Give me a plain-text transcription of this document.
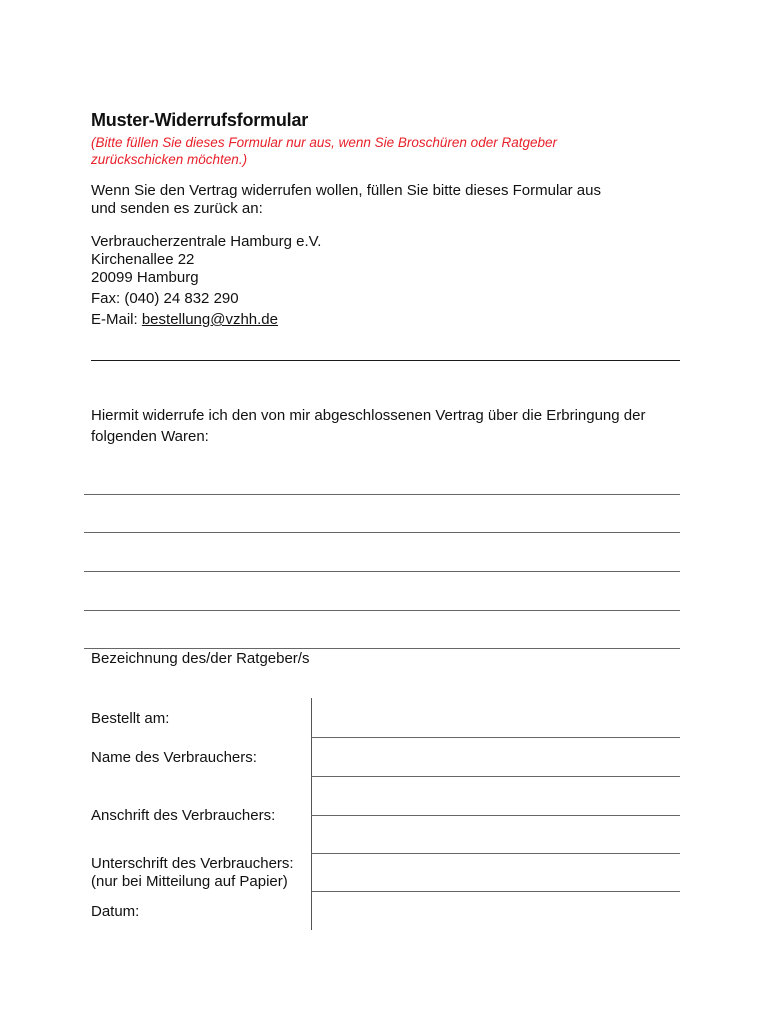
Muster-Widerrufsformular
(Bitte füllen Sie dieses Formular nur aus, wenn Sie Broschüren oder Ratgeber
zurückschicken möchten.)
Wenn Sie den Vertrag widerrufen wollen, füllen Sie bitte dieses Formular aus
und senden es zurück an:
Verbraucherzentrale Hamburg e.V.
Kirchenallee 22
20099 Hamburg
Fax: (040) 24 832 290
E-Mail: bestellung@vzhh.de
Hiermit widerrufe ich den von mir abgeschlossenen Vertrag über die Erbringung der
folgenden Waren:
Bezeichnung des/der Ratgeber/s
Bestellt am:
Name des Verbrauchers:
Anschrift des Verbrauchers:
Unterschrift des Verbrauchers:
(nur bei Mitteilung auf Papier)
Datum:
